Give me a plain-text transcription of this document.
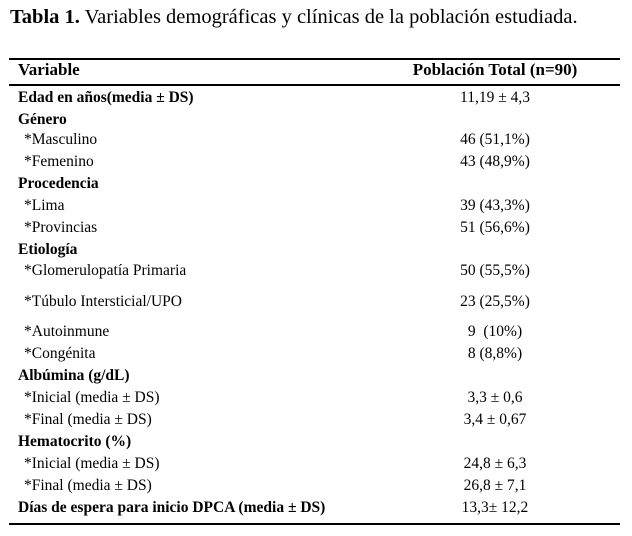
Tabla 1. Variables demográficas y clínicas de la población estudiada.
Variable	Población Total (n=90)
Edad en años(media ± DS)	11,19 ± 4,3
Género
*Masculino	46 (51,1%)
*Femenino	43 (48,9%)
Procedencia
*Lima	39 (43,3%)
*Provincias	51 (56,6%)
Etiología
*Glomerulopatía Primaria	50 (55,5%)
*Túbulo Intersticial/UPO	23 (25,5%)
*Autoinmune	9  (10%)
*Congénita	8 (8,8%)
Albúmina (g/dL)
*Inicial (media ± DS)	3,3 ± 0,6
*Final (media ± DS)	3,4 ± 0,67
Hematocrito (%)
*Inicial (media ± DS)	24,8 ± 6,3
*Final (media ± DS)	26,8 ± 7,1
Días de espera para inicio DPCA (media ± DS)	13,3± 12,2
